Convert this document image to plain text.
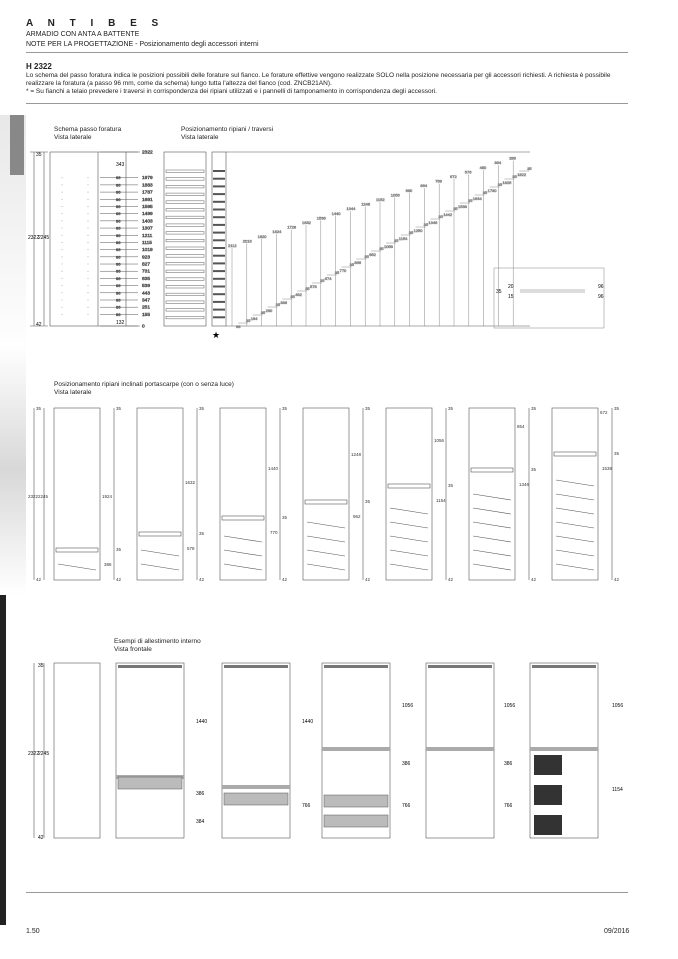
A N T I B E S
ARMADIO CON ANTA A BATTENTE
NOTE PER LA PROGETTAZIONE - Posizionamento degli accessori interni
H 2322
Lo schema del passo foratura indica le posizioni possibili delle forature sul fianco. Le forature effettive vengono realizzate SOLO nella posizione necessaria per gli accessori richiesti. A richiesta è possibile realizzare la foratura (a passo 96 mm, come da schema) lungo tutta l'altezza del fianco (cod. ZNCB21AN).
* = Su fianchi a telaio prevedere i traversi in corrispondenza dei ripiani utilizzati e i pannelli di tamponamento in corrispondenza degli accessori.
Schema passo foratura
Vista laterale
Posizionamento ripiani / traversi
Vista laterale
2322
1979
96
1883
96
1787
96
1691
96
1595
96
1499
96
1403
96
1307
96
1211
96
1115
96
1019
96
923
96
827
96
731
96
635
96
539
96
443
96
347
96
251
96
155
96
0
2112
2016
1920
1824
1728
1632
1536
1440
1344
1248
1152
1056
960
864
768
672
576
480
384
288
98
35 194
35 290
35 386
35 482
35 578
35 674
35 770
35 866
35 962
35 1058
35 1154
35 1250
35 1346
35 1442
35 1538
35 1634
35 1730
35 1826
35 1922
35
2322
2245
35
42
343
132
★
96
96
20
15
35
Posizionamento ripiani inclinati portascarpe (con o senza luce)
Vista laterale
2322 2245
35
42
35
1924
35
386
42
35
1632
35
578
42
35
1440
35
770
42
35
1248
35
962
42
35
1056
35
1154
42
35
864
35
1346
42
35
672
35
1538
42
Esempi di allestimento interno
Vista frontale
2322
2245
35
42
1440
386
384
1440
766
1056
386
766
1056
386
766
1056
1154
1.50	09/2016
